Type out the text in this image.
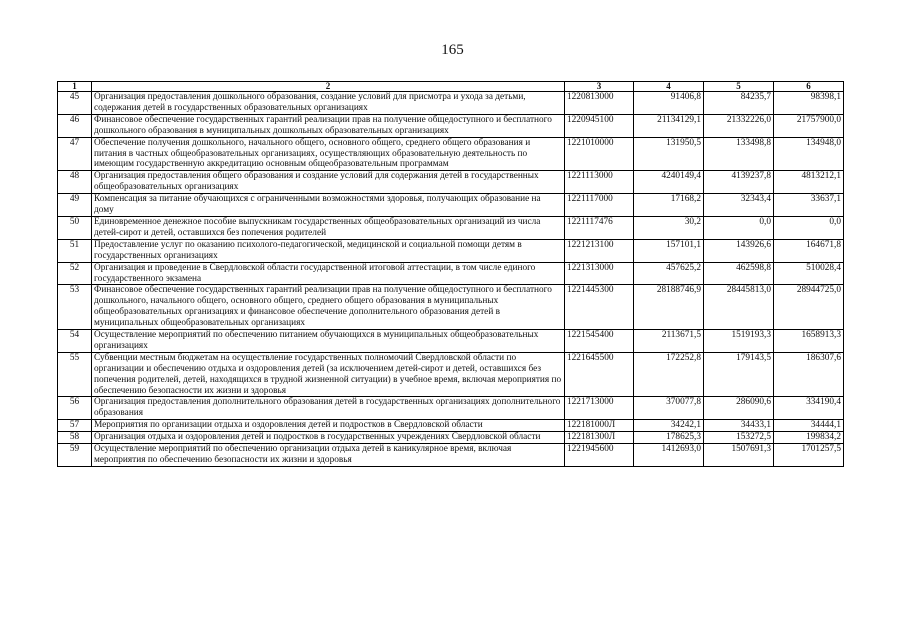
165
1	2	3	4	5	6
45	Организация предоставления дошкольного образования, создание условий для присмотра и ухода за детьми, содержания детей в государственных образовательных организациях	1220813000	91406,8	84235,7	98398,1
46	Финансовое обеспечение государственных гарантий реализации прав на получение общедоступного и бесплатного дошкольного образования в муниципальных дошкольных образовательных организациях	1220945100	21134129,1	21332226,0	21757900,0
47	Обеспечение получения дошкольного, начального общего, основного общего, среднего общего образования и питания в частных общеобразовательных организациях, осуществляющих образовательную деятельность по имеющим государственную аккредитацию основным общеобразовательным программам	1221010000	131950,5	133498,8	134948,0
48	Организация предоставления общего образования и создание условий для содержания детей в государственных общеобразовательных организациях	1221113000	4240149,4	4139237,8	4813212,1
49	Компенсация за питание обучающихся с ограниченными возможностями здоровья, получающих образование на дому	1221117000	17168,2	32343,4	33637,1
50	Единовременное денежное пособие выпускникам государственных общеобразовательных организаций из числа детей-сирот и детей, оставшихся без попечения родителей	1221117476	30,2	0,0	0,0
51	Предоставление услуг по оказанию психолого-педагогической, медицинской и социальной помощи детям в государственных организациях	1221213100	157101,1	143926,6	164671,8
52	Организация и проведение в Свердловской области государственной итоговой аттестации, в том числе единого государственного экзамена	1221313000	457625,2	462598,8	510028,4
53	Финансовое обеспечение государственных гарантий реализации прав на получение общедоступного и бесплатного дошкольного, начального общего, основного общего, среднего общего образования в муниципальных общеобразовательных организациях и финансовое обеспечение дополнительного образования детей в муниципальных общеобразовательных организациях	1221445300	28188746,9	28445813,0	28944725,0
54	Осуществление мероприятий по обеспечению питанием обучающихся в муниципальных общеобразовательных организациях	1221545400	2113671,5	1519193,3	1658913,3
55	Субвенции местным бюджетам на осуществление государственных полномочий Свердловской области по организации и обеспечению отдыха и оздоровления детей (за исключением детей-сирот и детей, оставшихся без попечения родителей, детей, находящихся в трудной жизненной ситуации) в учебное время, включая мероприятия по обеспечению безопасности их жизни и здоровья	1221645500	172252,8	179143,5	186307,6
56	Организация предоставления дополнительного образования детей в государственных организациях дополнительного образования	1221713000	370077,8	286090,6	334190,4
57	Мероприятия по организации отдыха и оздоровления детей и подростков в Свердловской области	122181000Л	34242,1	34433,1	34444,1
58	Организация отдыха и оздоровления детей и подростков в государственных учреждениях Свердловской области	122181300Л	178625,3	153272,5	199834,2
59	Осуществление мероприятий по обеспечению организации отдыха детей в каникулярное время, включая мероприятия по обеспечению безопасности их жизни и здоровья	1221945600	1412693,0	1507691,3	1701257,5
